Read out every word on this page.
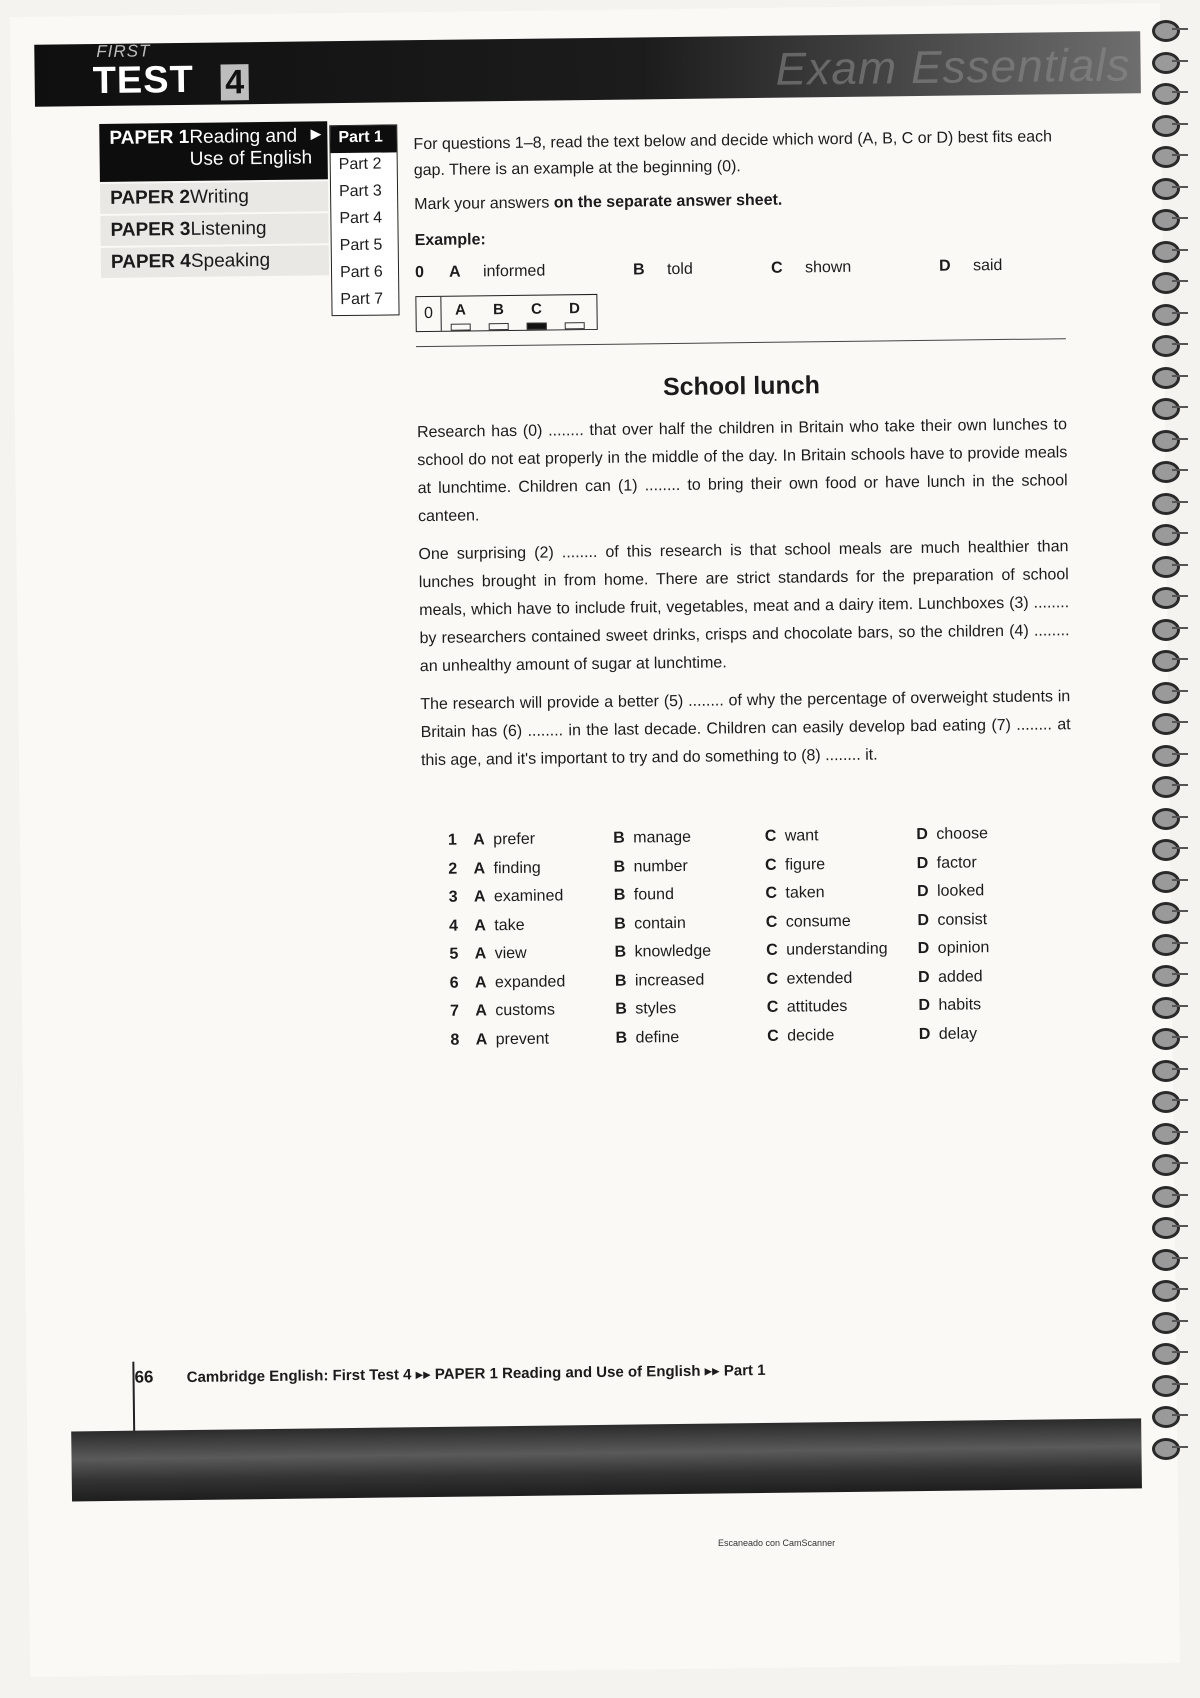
FIRST
TEST 4	Exam Essentials
PAPER 1Reading and
Use of English
▶
PAPER 2Writing
PAPER 3Listening
PAPER 4Speaking
Part 1
Part 2
Part 3
Part 4
Part 5
Part 6
Part 7

For questions 1–8, read the text below and decide which word (A, B, C or D) best fits each gap. There is an example at the beginning (0).

Mark your answers on the separate answer sheet.

Example:
0	A	informed	B	told	C	shown	D	said
0	A	B	C	D
School lunch

Research has (0) ........ that over half the children in Britain who take their own lunches to school do not eat properly in the middle of the day. In Britain schools have to provide meals at lunchtime. Children can (1) ........ to bring their own food or have lunch in the school canteen.

One surprising (2) ........ of this research is that school meals are much healthier than lunches brought in from home. There are strict standards for the preparation of school meals, which have to include fruit, vegetables, meat and a dairy item. Lunchboxes (3) ........ by researchers contained sweet drinks, crisps and chocolate bars, so the children (4) ........ an unhealthy amount of sugar at lunchtime.

The research will provide a better (5) ........ of why the percentage of overweight students in Britain has (6) ........ in the last decade. Children can easily develop bad eating (7) ........ at this age, and it's important to try and do something to (8) ........ it.

1	A prefer	B manage	C want	D choose
2	A finding	B number	C figure	D factor
3	A examined	B found	C taken	D looked
4	A take	B contain	C consume	D consist
5	A view	B knowledge	C understanding	D opinion
6	A expanded	B increased	C extended	D added
7	A customs	B styles	C attitudes	D habits
8	A prevent	B define	C decide	D delay
66 Cambridge English: First Test 4 ▸▸ PAPER 1 Reading and Use of English ▸▸ Part 1
Escaneado con CamScanner
